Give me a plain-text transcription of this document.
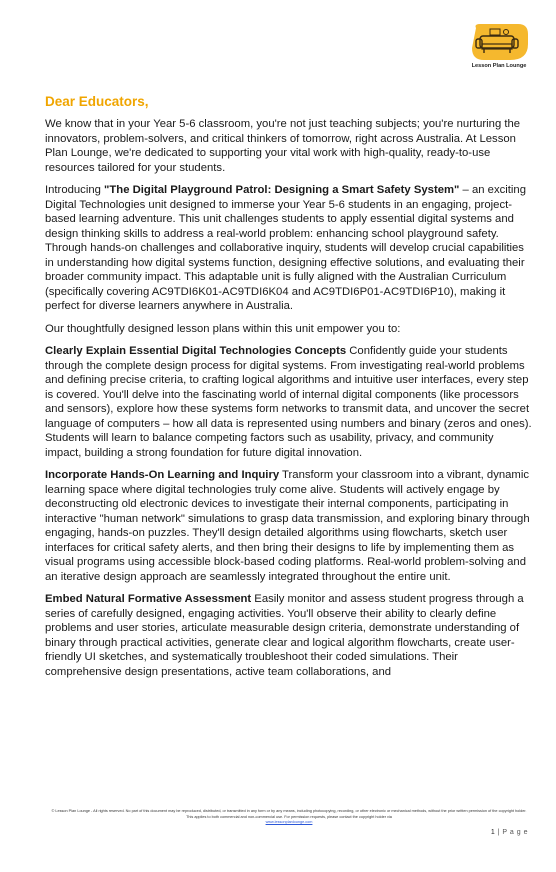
Lesson Plan Lounge
Dear Educators,

We know that in your Year 5-6 classroom, you're not just teaching subjects; you're nurturing the innovators, problem-solvers, and critical thinkers of tomorrow, right across Australia. At Lesson Plan Lounge, we're dedicated to supporting your vital work with high-quality, ready-to-use resources tailored for your students.

Introducing "The Digital Playground Patrol: Designing a Smart Safety System" – an exciting Digital Technologies unit designed to immerse your Year 5-6 students in an engaging, project-based learning adventure. This unit challenges students to apply essential digital systems and design thinking skills to address a real-world problem: enhancing school playground safety. Through hands-on challenges and collaborative inquiry, students will develop crucial capabilities in understanding how digital systems function, designing effective solutions, and evaluating their broader community impact. This adaptable unit is fully aligned with the Australian Curriculum (specifically covering AC9TDI6K01-AC9TDI6K04 and AC9TDI6P01-AC9TDI6P10), making it perfect for diverse learners anywhere in Australia.

Our thoughtfully designed lesson plans within this unit empower you to:

Clearly Explain Essential Digital Technologies Concepts Confidently guide your students through the complete design process for digital systems. From investigating real-world problems and defining precise criteria, to crafting logical algorithms and intuitive user interfaces, every step is covered. You'll delve into the fascinating world of internal digital components (like processors and sensors), explore how these systems form networks to transmit data, and uncover the secret language of computers – how all data is represented using numbers and binary (zeros and ones). Students will learn to balance competing factors such as usability, privacy, and community impact, building a strong foundation for future digital innovation.

Incorporate Hands-On Learning and Inquiry Transform your classroom into a vibrant, dynamic learning space where digital technologies truly come alive. Students will actively engage by deconstructing old electronic devices to investigate their internal components, participating in interactive "human network" simulations to grasp data transmission, and exploring binary through engaging, hands-on puzzles. They'll design detailed algorithms using flowcharts, sketch user interfaces for critical safety alerts, and then bring their designs to life by implementing them as visual programs using accessible block-based coding platforms. Real-world problem-solving and an iterative design approach are seamlessly integrated throughout the entire unit.

Embed Natural Formative Assessment Easily monitor and assess student progress through a series of carefully designed, engaging activities. You'll observe their ability to clearly define problems and user stories, articulate measurable design criteria, demonstrate understanding of binary through practical activities, generate clear and logical algorithm flowcharts, create user-friendly UI sketches, and systematically troubleshoot their coded simulations. Their comprehensive design presentations, active team collaborations, and

© Lesson Plan Lounge - All rights reserved. No part of this document may be reproduced, distributed, or transmitted in any form or by any means, including photocopying, recording, or other electronic or mechanical methods, without the prior written permission of the copyright holder. This applies to both commercial and non-commercial use. For permission requests, please contact the copyright holder via
www.lessonplanlounge.com
1 | P a g e
